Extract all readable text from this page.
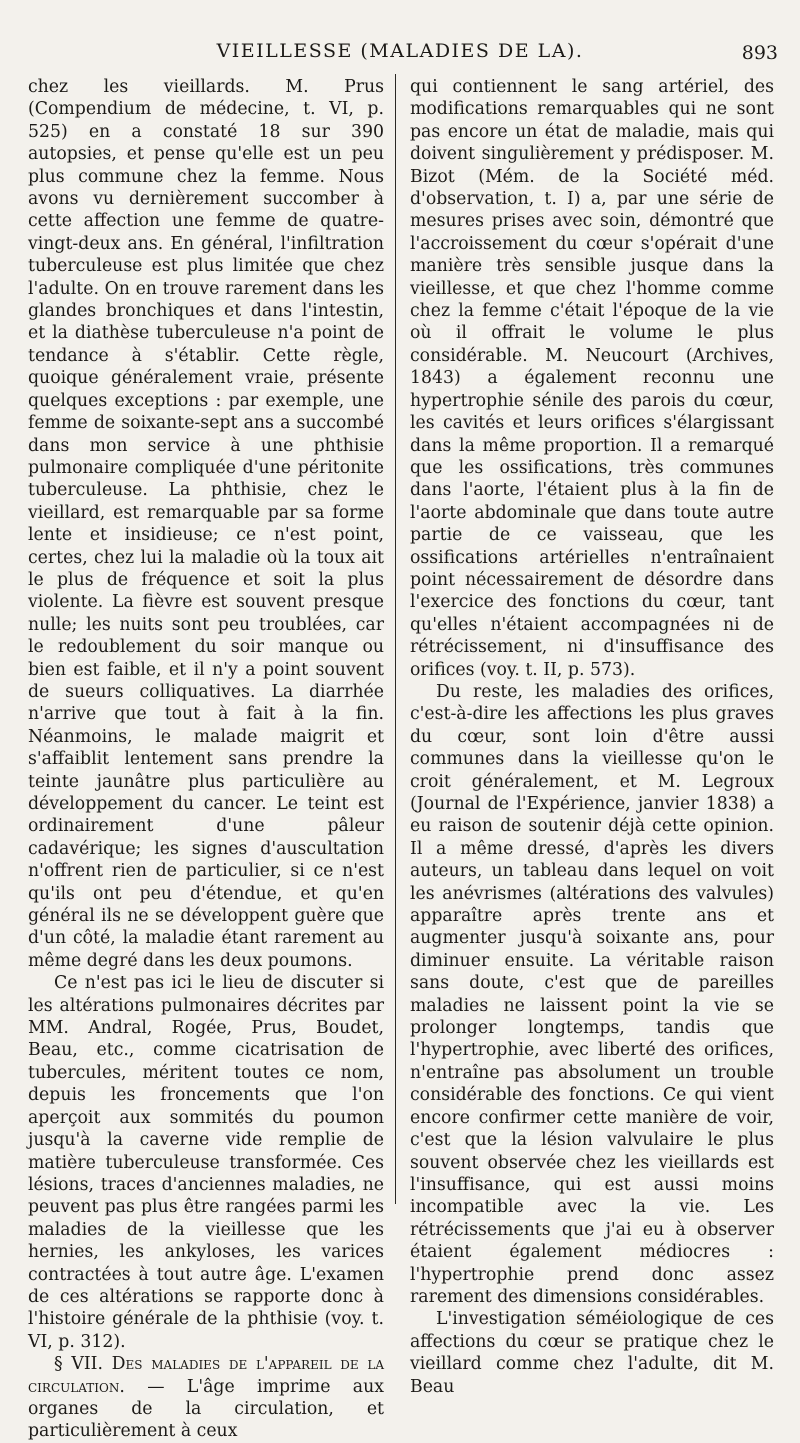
VIEILLESSE (MALADIES DE LA).	893

chez les vieillards. M. Prus (Compendium de médecine, t. VI, p. 525) en a constaté 18 sur 390 autopsies, et pense qu'elle est un peu plus commune chez la femme. Nous avons vu dernièrement succomber à cette affection une femme de quatre-vingt-deux ans. En général, l'infiltration tuberculeuse est plus limitée que chez l'adulte. On en trouve rarement dans les glandes bronchiques et dans l'intestin, et la diathèse tuberculeuse n'a point de tendance à s'établir. Cette règle, quoique généralement vraie, présente quelques exceptions : par exemple, une femme de soixante-sept ans a succombé dans mon service à une phthisie pulmonaire compliquée d'une péritonite tuberculeuse. La phthisie, chez le vieillard, est remarquable par sa forme lente et insidieuse; ce n'est point, certes, chez lui la maladie où la toux ait le plus de fréquence et soit la plus violente. La fièvre est souvent presque nulle; les nuits sont peu troublées, car le redoublement du soir manque ou bien est faible, et il n'y a point souvent de sueurs colliquatives. La diarrhée n'arrive que tout à fait à la fin. Néanmoins, le malade maigrit et s'affaiblit lentement sans prendre la teinte jaunâtre plus particulière au développement du cancer. Le teint est ordinairement d'une pâleur cadavérique; les signes d'auscultation n'offrent rien de particulier, si ce n'est qu'ils ont peu d'étendue, et qu'en général ils ne se développent guère que d'un côté, la maladie étant rarement au même degré dans les deux poumons.

Ce n'est pas ici le lieu de discuter si les altérations pulmonaires décrites par MM. Andral, Rogée, Prus, Boudet, Beau, etc., comme cicatrisation de tubercules, méritent toutes ce nom, depuis les froncements que l'on aperçoit aux sommités du poumon jusqu'à la caverne vide remplie de matière tuberculeuse transformée. Ces lésions, traces d'anciennes maladies, ne peuvent pas plus être rangées parmi les maladies de la vieillesse que les hernies, les ankyloses, les varices contractées à tout autre âge. L'examen de ces altérations se rapporte donc à l'histoire générale de la phthisie (voy. t. VI, p. 312).

§ VII. Des maladies de l'appareil de la circulation. — L'âge imprime aux organes de la circulation, et particulièrement à ceux

qui contiennent le sang artériel, des modifications remarquables qui ne sont pas encore un état de maladie, mais qui doivent singulièrement y prédisposer. M. Bizot (Mém. de la Société méd. d'observation, t. I) a, par une série de mesures prises avec soin, démontré que l'accroissement du cœur s'opérait d'une manière très sensible jusque dans la vieillesse, et que chez l'homme comme chez la femme c'était l'époque de la vie où il offrait le volume le plus considérable. M. Neucourt (Archives, 1843) a également reconnu une hypertrophie sénile des parois du cœur, les cavités et leurs orifices s'élargissant dans la même proportion. Il a remarqué que les ossifications, très communes dans l'aorte, l'étaient plus à la fin de l'aorte abdominale que dans toute autre partie de ce vaisseau, que les ossifications artérielles n'entraînaient point nécessairement de désordre dans l'exercice des fonctions du cœur, tant qu'elles n'étaient accompagnées ni de rétrécissement, ni d'insuffisance des orifices (voy. t. II, p. 573).

Du reste, les maladies des orifices, c'est-à-dire les affections les plus graves du cœur, sont loin d'être aussi communes dans la vieillesse qu'on le croit généralement, et M. Legroux (Journal de l'Expérience, janvier 1838) a eu raison de soutenir déjà cette opinion. Il a même dressé, d'après les divers auteurs, un tableau dans lequel on voit les anévrismes (altérations des valvules) apparaître après trente ans et augmenter jusqu'à soixante ans, pour diminuer ensuite. La véritable raison sans doute, c'est que de pareilles maladies ne laissent point la vie se prolonger longtemps, tandis que l'hypertrophie, avec liberté des orifices, n'entraîne pas absolument un trouble considérable des fonctions. Ce qui vient encore confirmer cette manière de voir, c'est que la lésion valvulaire le plus souvent observée chez les vieillards est l'insuffisance, qui est aussi moins incompatible avec la vie. Les rétrécissements que j'ai eu à observer étaient également médiocres : l'hypertrophie prend donc assez rarement des dimensions considérables.

L'investigation séméiologique de ces affections du cœur se pratique chez le vieillard comme chez l'adulte, dit M. Beau
